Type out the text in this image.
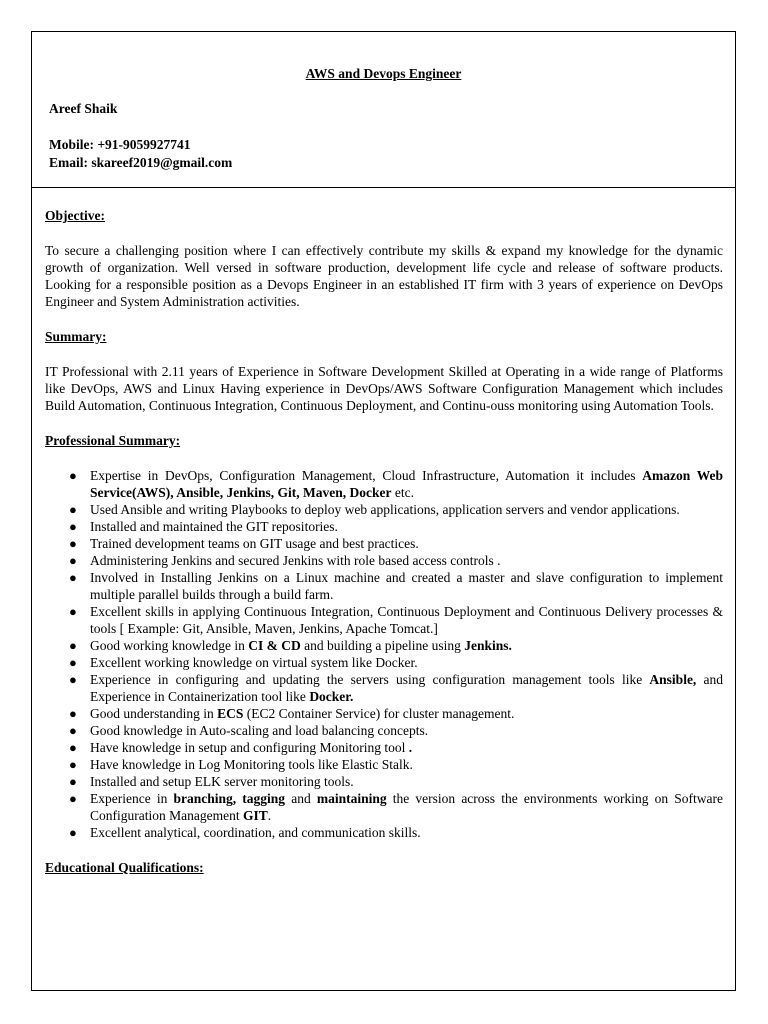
AWS and Devops Engineer
Areef Shaik
Mobile: +91-9059927741
Email: skareef2019@gmail.com

Objective:

To secure a challenging position where I can effectively contribute my skills & expand my knowledge for the dynamic growth of organization. Well versed in software production, development life cycle and release of software products. Looking for a responsible position as a Devops Engineer in an established IT firm with 3 years of experience on DevOps Engineer and System Administration activities.

Summary:

IT Professional with 2.11 years of Experience in Software Development Skilled at Operating in a wide range of Platforms like DevOps, AWS and Linux Having experience in DevOps/AWS Software Configuration Management which includes Build Automation, Continuous Integration, Continuous Deployment, and Continu-ouss monitoring using Automation Tools.

Professional Summary:

● Expertise in DevOps, Configuration Management, Cloud Infrastructure, Automation it includes Amazon Web Service(AWS), Ansible, Jenkins, Git, Maven, Docker etc.
● Used Ansible and writing Playbooks to deploy web applications, application servers and vendor applications.
● Installed and maintained the GIT repositories.
● Trained development teams on GIT usage and best practices.
● Administering Jenkins and secured Jenkins with role based access controls .
● Involved in Installing Jenkins on a Linux machine and created a master and slave configuration to implement multiple parallel builds through a build farm.
● Excellent skills in applying Continuous Integration, Continuous Deployment and Continuous Delivery processes & tools [ Example: Git, Ansible, Maven, Jenkins, Apache Tomcat.]
● Good working knowledge in CI & CD and building a pipeline using Jenkins.
● Excellent working knowledge on virtual system like Docker.
● Experience in configuring and updating the servers using configuration management tools like Ansible, and Experience in Containerization tool like Docker.
● Good understanding in ECS (EC2 Container Service) for cluster management.
● Good knowledge in Auto-scaling and load balancing concepts.
● Have knowledge in setup and configuring Monitoring tool .
● Have knowledge in Log Monitoring tools like Elastic Stalk.
● Installed and setup ELK server monitoring tools.
● Experience in branching, tagging and maintaining the version across the environments working on Software Configuration Management GIT.
● Excellent analytical, coordination, and communication skills.

Educational Qualifications:
